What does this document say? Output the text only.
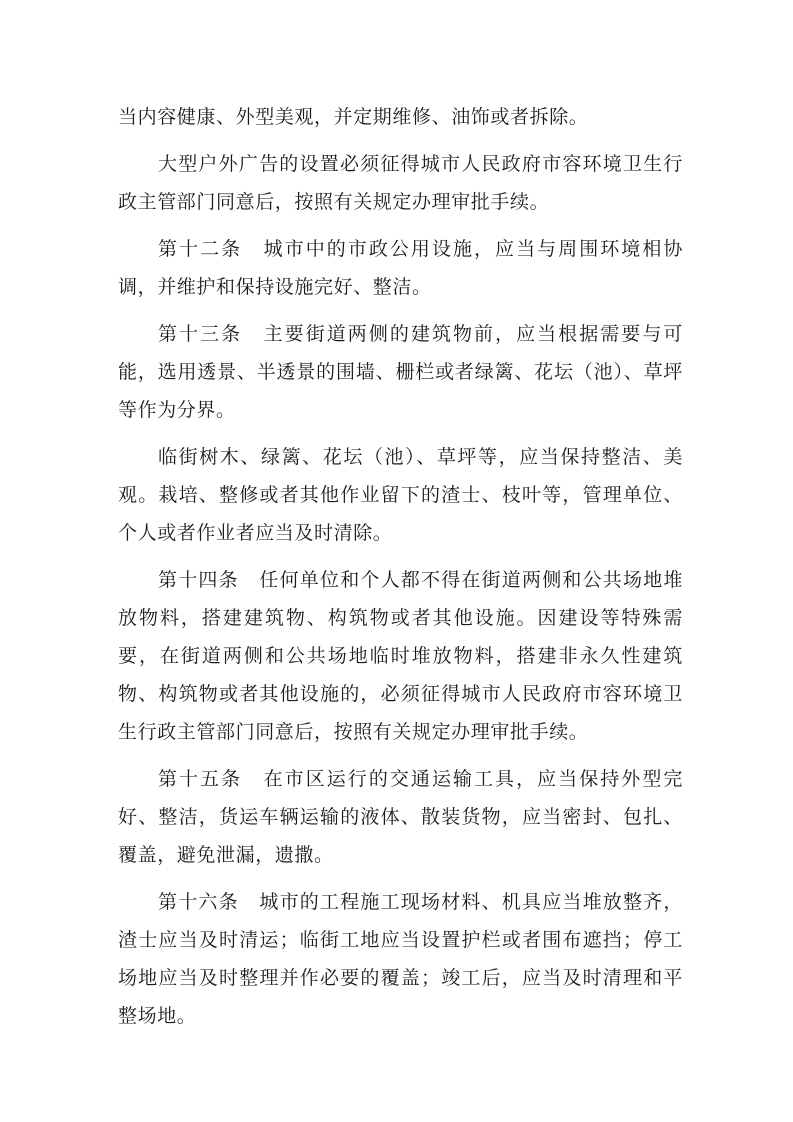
当内容健康、外型美观，并定期维修、油饰或者拆除。

大型户外广告的设置必须征得城市人民政府市容环境卫生行政主管部门同意后，按照有关规定办理审批手续。

第十二条 城市中的市政公用设施，应当与周围环境相协调，并维护和保持设施完好、整洁。

第十三条 主要街道两侧的建筑物前，应当根据需要与可能，选用透景、半透景的围墙、栅栏或者绿篱、花坛（池）、草坪等作为分界。

临街树木、绿篱、花坛（池）、草坪等，应当保持整洁、美观。栽培、整修或者其他作业留下的渣士、枝叶等，管理单位、个人或者作业者应当及时清除。

第十四条 任何单位和个人都不得在街道两侧和公共场地堆放物料，搭建建筑物、构筑物或者其他设施。因建设等特殊需要，在街道两侧和公共场地临时堆放物料，搭建非永久性建筑物、构筑物或者其他设施的，必须征得城市人民政府市容环境卫生行政主管部门同意后，按照有关规定办理审批手续。

第十五条 在市区运行的交通运输工具，应当保持外型完好、整洁，货运车辆运输的液体、散装货物，应当密封、包扎、覆盖，避免泄漏，遗撒。

第十六条 城市的工程施工现场材料、机具应当堆放整齐，渣士应当及时清运；临街工地应当设置护栏或者围布遮挡；停工场地应当及时整理并作必要的覆盖；竣工后，应当及时清理和平整场地。
